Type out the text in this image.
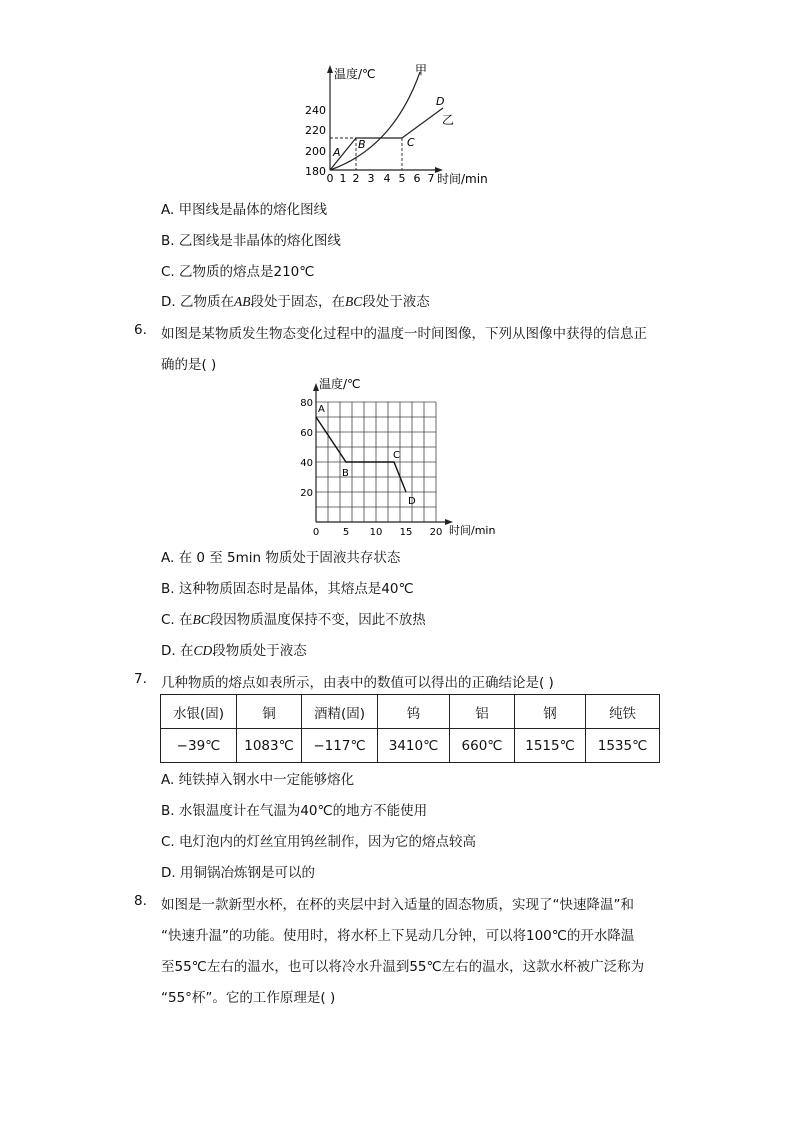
温度/℃	甲
乙
D
C
B
A
240
220
200
180
0 1 2 3 4 5 6 7 时间/min
A. 甲图线是晶体的熔化图线
B. 乙图线是非晶体的熔化图线
C. 乙物质的熔点是210℃
D. 乙物质在AB段处于固态，在BC段处于液态
6. 如图是某物质发生物态变化过程中的温度一时间图像，下列从图像中获得的信息正
确的是( )
0 5 10 15 20
80
60
40
20
A
B
C
D
温度/℃
时间/min
A. 在 0 至 5min 物质处于固液共存状态
B. 这种物质固态时是晶体，其熔点是40℃
C. 在BC段因物质温度保持不变，因此不放热
D. 在CD段物质处于液态
7. 几种物质的熔点如表所示，由表中的数值可以得出的正确结论是( )
水银(固)	铜	酒精(固)	钨	铝	钢	纯铁
−39℃	1083℃	−117℃	3410℃	660℃	1515℃	1535℃
A. 纯铁掉入钢水中一定能够熔化
B. 水银温度计在气温为40℃的地方不能使用
C. 电灯泡内的灯丝宜用钨丝制作，因为它的熔点较高
D. 用铜锅冶炼钢是可以的
8. 如图是一款新型水杯，在杯的夹层中封入适量的固态物质，实现了“快速降温”和
“快速升温”的功能。使用时，将水杯上下晃动几分钟，可以将100℃的开水降温
至55℃左右的温水，也可以将冷水升温到55℃左右的温水，这款水杯被广泛称为
“55°杯”。它的工作原理是( )
